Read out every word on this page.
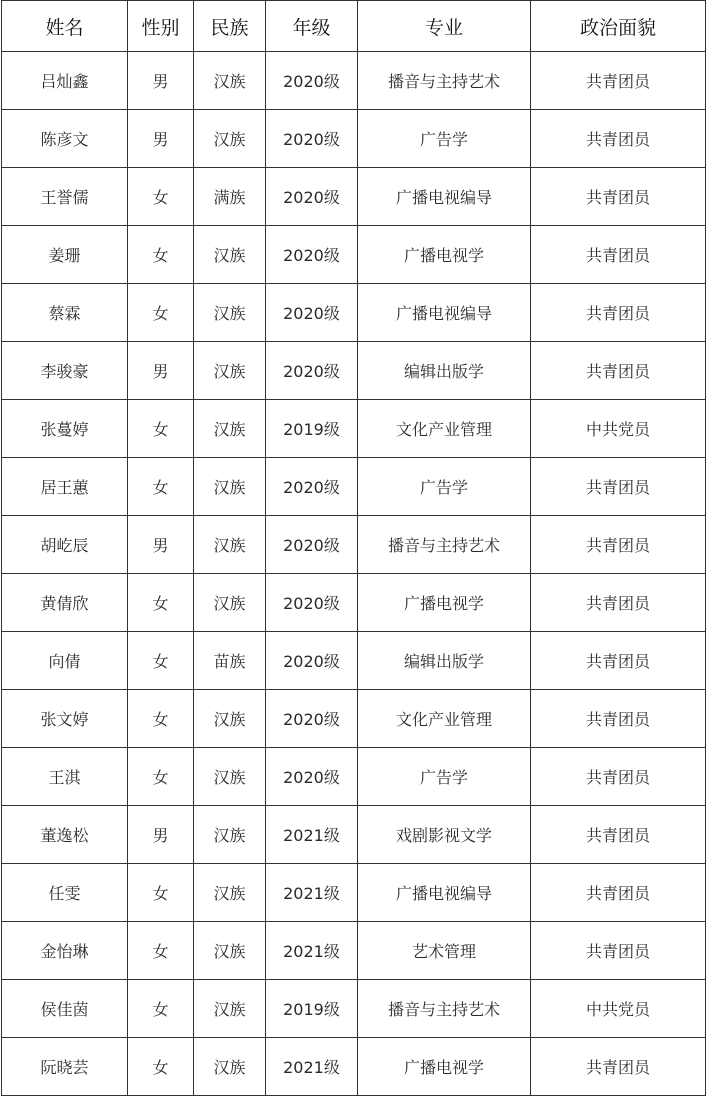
姓名	性别	民族	年级	专业	政治面貌
吕灿鑫	男	汉族	2020级	播音与主持艺术	共青团员
陈彦文	男	汉族	2020级	广告学	共青团员
王誉儒	女	满族	2020级	广播电视编导	共青团员
姜珊	女	汉族	2020级	广播电视学	共青团员
蔡霖	女	汉族	2020级	广播电视编导	共青团员
李骏豪	男	汉族	2020级	编辑出版学	共青团员
张蔓婷	女	汉族	2019级	文化产业管理	中共党员
居王蕙	女	汉族	2020级	广告学	共青团员
胡屹辰	男	汉族	2020级	播音与主持艺术	共青团员
黄倩欣	女	汉族	2020级	广播电视学	共青团员
向倩	女	苗族	2020级	编辑出版学	共青团员
张文婷	女	汉族	2020级	文化产业管理	共青团员
王淇	女	汉族	2020级	广告学	共青团员
董逸松	男	汉族	2021级	戏剧影视文学	共青团员
任雯	女	汉族	2021级	广播电视编导	共青团员
金怡琳	女	汉族	2021级	艺术管理	共青团员
侯佳茵	女	汉族	2019级	播音与主持艺术	中共党员
阮晓芸	女	汉族	2021级	广播电视学	共青团员
